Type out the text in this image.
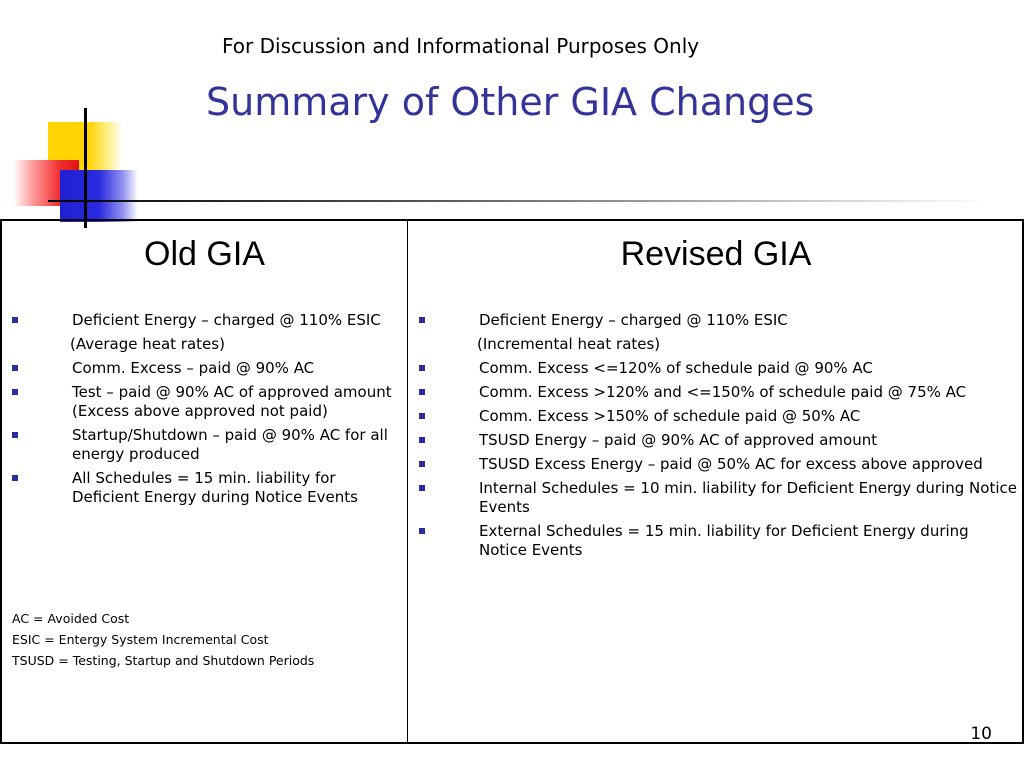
For Discussion and Informational Purposes Only
Summary of Other GIA Changes
Old GIA	Revised GIA
Deficient Energy – charged @ 110% ESIC
(Average heat rates)
Comm. Excess – paid @ 90% AC
Test – paid @ 90% AC of approved amount (Excess above approved not paid)
Startup/Shutdown – paid @ 90% AC for all energy produced
All Schedules = 15 min. liability for Deficient Energy during Notice Events
Deficient Energy – charged @ 110% ESIC
(Incremental heat rates)
Comm. Excess <=120% of schedule paid @ 90% AC
Comm. Excess >120% and <=150% of schedule paid @ 75% AC
Comm. Excess >150% of schedule paid @ 50% AC
TSUSD Energy – paid @ 90% AC of approved amount
TSUSD Excess Energy – paid @ 50% AC for excess above approved
Internal Schedules = 10 min. liability for Deficient Energy during Notice Events
External Schedules = 15 min. liability for Deficient Energy during Notice Events
AC = Avoided Cost
ESIC = Entergy System Incremental Cost
TSUSD = Testing, Startup and Shutdown Periods
10
